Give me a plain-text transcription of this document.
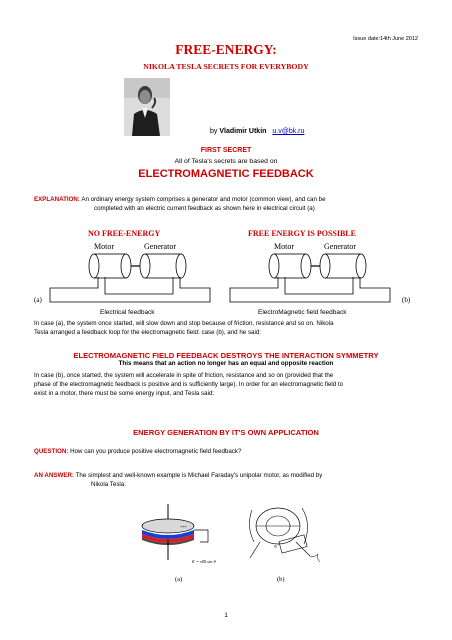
Issue date:14th June 2012
FREE-ENERGY:
NIKOLA TESLA SECRETS FOR EVERYBODY
by Vladimir Utkin u.v@bk.ru
FIRST SECRET
All of Tesla's secrets are based on
ELECTROMAGNETIC FEEDBACK
EXPLANATION: An ordinary energy system comprises a generator and motor (common view), and can be
completed with an electric current feedback as shown here in electrical circuit (a)
NO FREE-ENERGY	FREE ENERGY IS POSSIBLE
Motor	Generator	Motor	Generator
(a)	(b)
Electrical feedback	ElectroMagnetic field feedback
In case (a), the system once started, will slow down and stop because of friction, resistance and so on. Nikola
Tesla arranged a feedback loop for the electromagnetic field: case (b), and he said:
ELECTROMAGNETIC FIELD FEEDBACK DESTROYS THE INTERACTION SYMMETRY
This means that an action no longer has an equal and opposite reaction
In case (b), once started, the system will accelerate in spite of friction, resistance and so on (provided that the
phase of the electromagnetic feedback is positive and is sufficiently large). In order for an electromagnetic field to
exist in a motor, there must be some energy input, and Tesla said:
ENERGY GENERATION BY IT'S OWN APPLICATION
QUESTION: How can you produce positive electromagnetic field feedback?
AN ANSWER: The simplest and well-known example is Michael Faraday's unipolar motor, as modified by
Nikola Tesla:
+++
E = vBl sin θ
N
(a)	(b)
1
